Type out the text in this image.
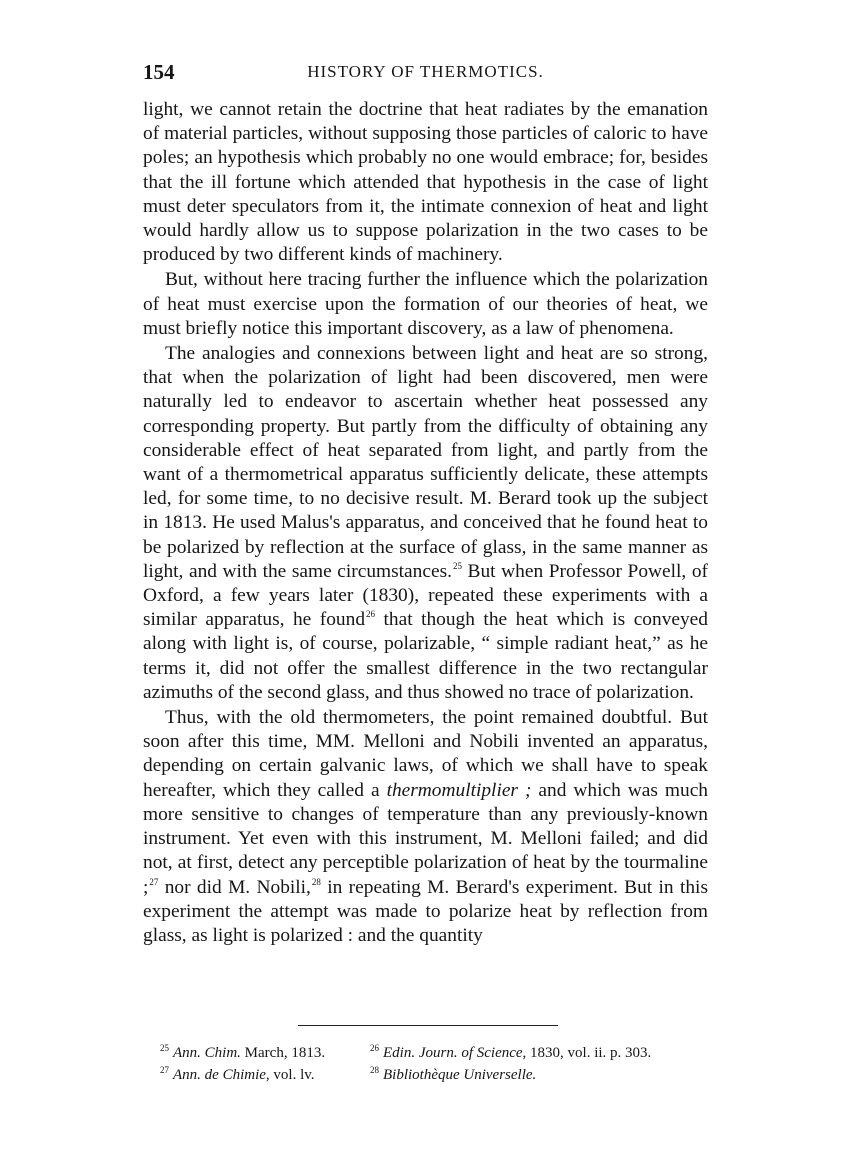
154	HISTORY OF THERMOTICS.

light, we cannot retain the doctrine that heat radiates by the emanation of material particles, without supposing those particles of caloric to have poles; an hypothesis which probably no one would embrace; for, besides that the ill fortune which attended that hypothesis in the case of light must deter speculators from it, the intimate connexion of heat and light would hardly allow us to suppose polarization in the two cases to be produced by two different kinds of machinery.

But, without here tracing further the influence which the polarization of heat must exercise upon the formation of our theories of heat, we must briefly notice this important discovery, as a law of phenomena.

The analogies and connexions between light and heat are so strong, that when the polarization of light had been discovered, men were naturally led to endeavor to ascertain whether heat possessed any corresponding property. But partly from the difficulty of obtaining any considerable effect of heat separated from light, and partly from the want of a thermometrical apparatus sufficiently delicate, these attempts led, for some time, to no decisive result. M. Berard took up the subject in 1813. He used Malus's apparatus, and conceived that he found heat to be polarized by reflection at the surface of glass, in the same manner as light, and with the same circumstances.$^{25}$ But when Professor Powell, of Oxford, a few years later (1830), repeated these experiments with a similar apparatus, he found$^{26}$ that though the heat which is conveyed along with light is, of course, polarizable, “ simple radiant heat,” as he terms it, did not offer the smallest difference in the two rectangular azimuths of the second glass, and thus showed no trace of polarization.

Thus, with the old thermometers, the point remained doubtful. But soon after this time, MM. Melloni and Nobili invented an apparatus, depending on certain galvanic laws, of which we shall have to speak hereafter, which they called a thermomultiplier ; and which was much more sensitive to changes of temperature than any previously-known instrument. Yet even with this instrument, M. Melloni failed; and did not, at first, detect any perceptible polarization of heat by the tourmaline ;$^{27}$ nor did M. Nobili,$^{28}$ in repeating M. Berard's experiment. But in this experiment the attempt was made to polarize heat by reflection from glass, as light is polarized : and the quantity

$^{25}$ Ann. Chim. March, 1813.	$^{26}$ Edin. Journ. of Science, 1830, vol. ii. p. 303.
$^{27}$ Ann. de Chimie, vol. lv.	$^{28}$ Bibliothèque Universelle.
